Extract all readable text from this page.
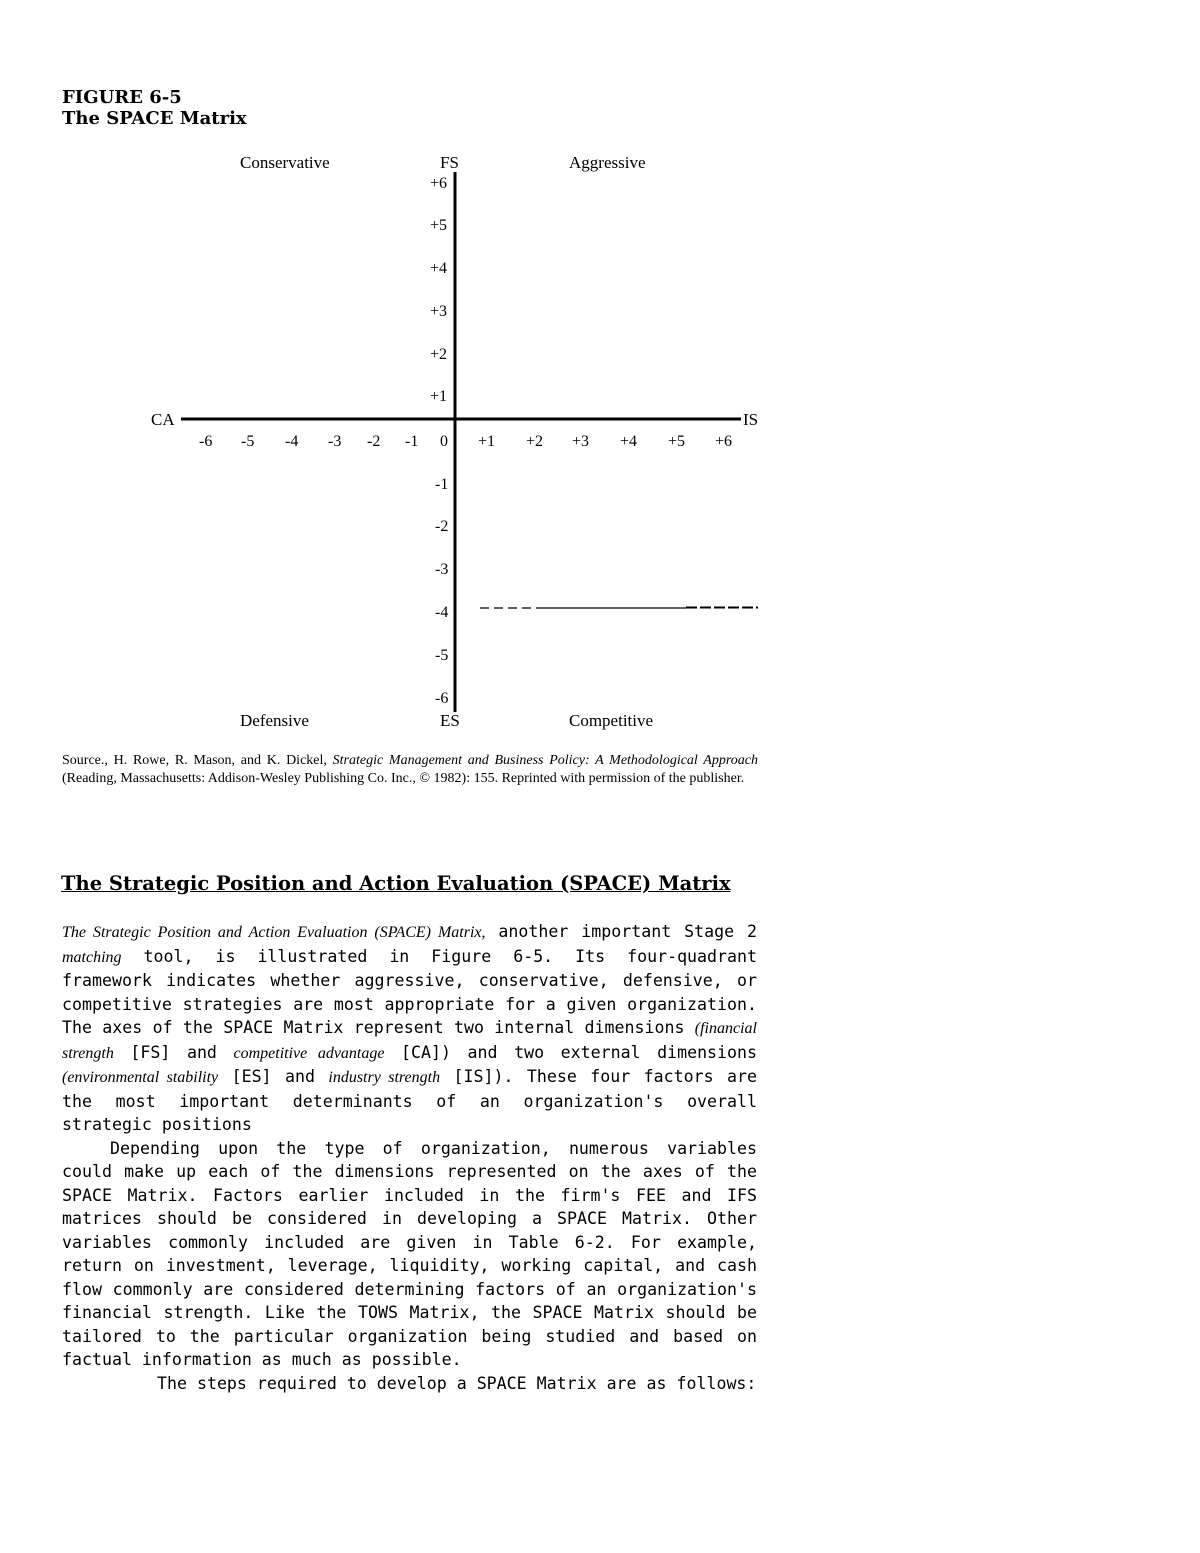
FIGURE 6-5
The SPACE Matrix
Conservative	Aggressive
Defensive	Competitive
FS
ES
CA	IS
-6 -5 -4 -3 -2 -1 0 +1 +2 +3 +4 +5 +6
+6
+5
+4
+3
+2
+1
-1
-2
-3
-4
-5
-6
Source., H. Rowe, R. Mason, and K. Dickel, Strategic Management and Business Policy: A Methodological Approach (Reading, Massachusetts: Addison-Wesley Publishing Co. Inc., © 1982): 155. Reprinted with permission of the publisher.
The Strategic Position and Action Evaluation (SPACE) Matrix

The Strategic Position and Action Evaluation (SPACE) Matrix, another important Stage 2 matching tool, is illustrated in Figure 6-5. Its four-quadrant framework indicates whether aggressive, conservative, defensive, or competitive strategies are most appropriate for a given organization. The axes of the SPACE Matrix represent two internal dimensions (financial strength [FS] and competitive advantage [CA]) and two external dimensions (environmental stability [ES] and industry strength [IS]). These four factors are the most important determinants of an organization's overall strategic positions

Depending upon the type of organization, numerous variables could make up each of the dimensions represented on the axes of the SPACE Matrix. Factors earlier included in the firm's FEE and IFS matrices should be considered in developing a SPACE Matrix. Other variables commonly included are given in Table 6-2. For example, return on investment, leverage, liquidity, working capital, and cash flow commonly are considered determining factors of an organization's financial strength. Like the TOWS Matrix, the SPACE Matrix should be tailored to the particular organization being studied and based on factual information as much as possible.

The steps required to develop a SPACE Matrix are as follows:
